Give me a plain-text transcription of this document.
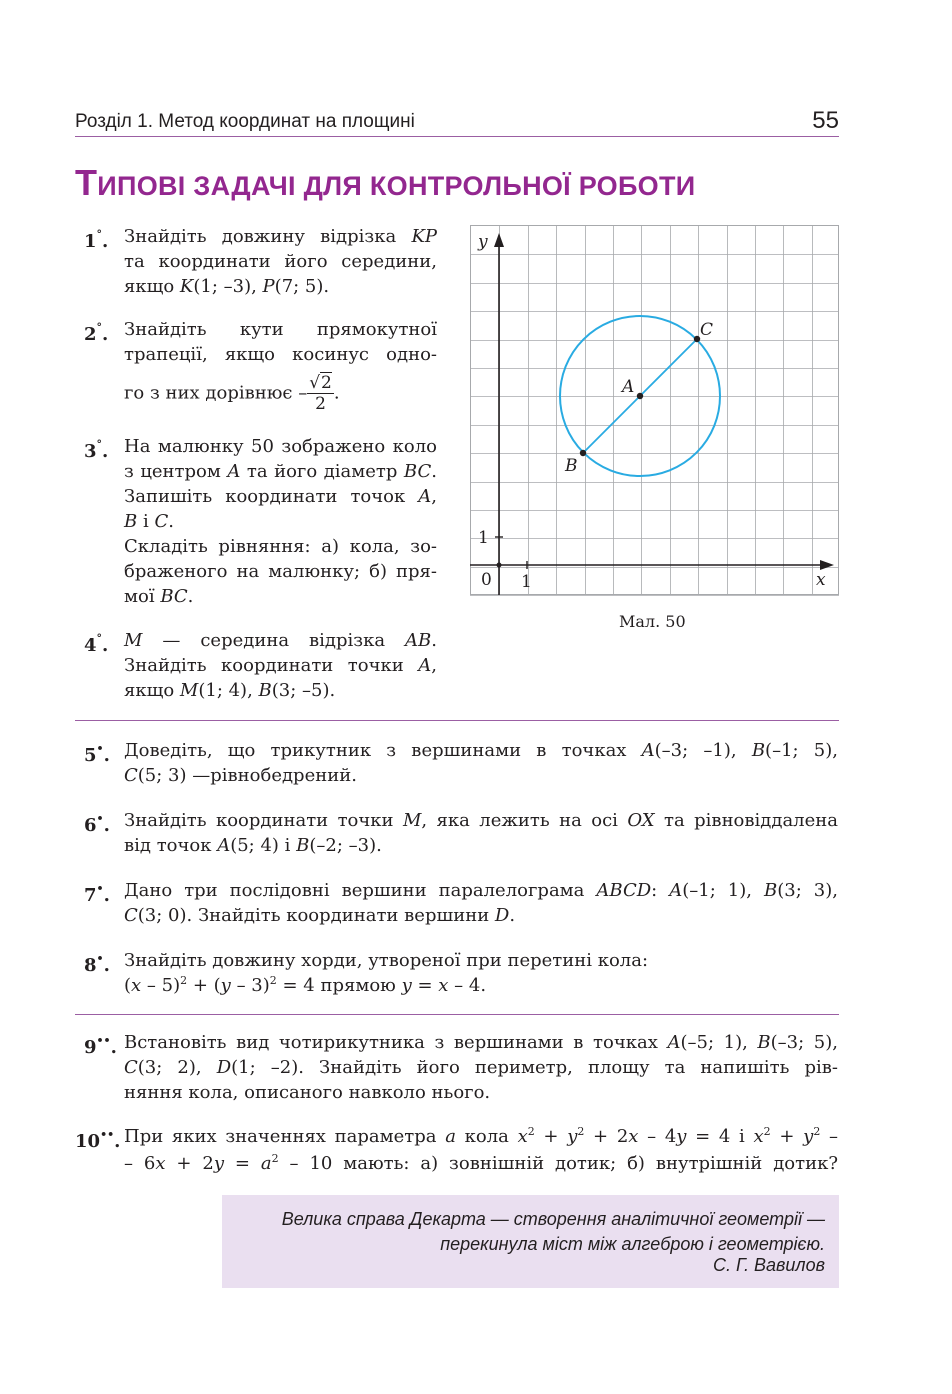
Розділ 1. Метод координат на площині	55
ТИПОВІ ЗАДАЧІ ДЛЯ КОНТРОЛЬНОЇ РОБОТИ
1°. Знайдіть довжину відрізка KP
та координати його середини,
якщо K(1; –3), P(7; 5).
2°. Знайдіть кути прямокутної
трапеції, якщо косинус одно-
го з них дорівнює – $\frac{√2}{2}$ .
3°. На малюнку 50 зображено коло
з центром A та його діаметр BC.
Запишіть координати точок A,
B і C.
Складіть рівняння: а) кола, зо-
браженого на малюнку; б) пря-
мої BC.
4°. M — середина відрізка AB.
Знайдіть координати точки A,
якщо M(1; 4), B(3; –5).
A
B
C
x
y
0 1
1
Мал. 50
5•. Доведіть, що трикутник з вершинами в точках A(–3; –1), B(–1; 5),
C(5; 3) —рівнобедрений.
6•. Знайдіть координати точки M, яка лежить на осі OX та рівновіддалена
від точок A(5; 4) і B(–2; –3).
7•. Дано три послідовні вершини паралелограма ABCD: A(–1; 1), B(3; 3),
C(3; 0). Знайдіть координати вершини D.
8•. Знайдіть довжину хорди, утвореної при перетині кола:
(x – 5)$^2$ + (y – 3)$^2$ = 4 прямою y = x – 4.
9••. Встановіть вид чотирикутника з вершинами в точках A(–5; 1), B(–3; 5),
C(3; 2), D(1; –2). Знайдіть його периметр, площу та напишіть рів-
няння кола, описаного навколо нього.
10••. При яких значеннях параметра a кола $x^2 + y^2 + 2x - 4y = 4$ і $x^2 + y^2$ –
– $6x + 2y = a^2 - 10$ мають: а) зовнішній дотик; б) внутрішній дотик?
Велика справа Декарта — створення аналітичної геометрії —
перекинула міст між алгеброю і геометрією.
С. Г. Вавилов
